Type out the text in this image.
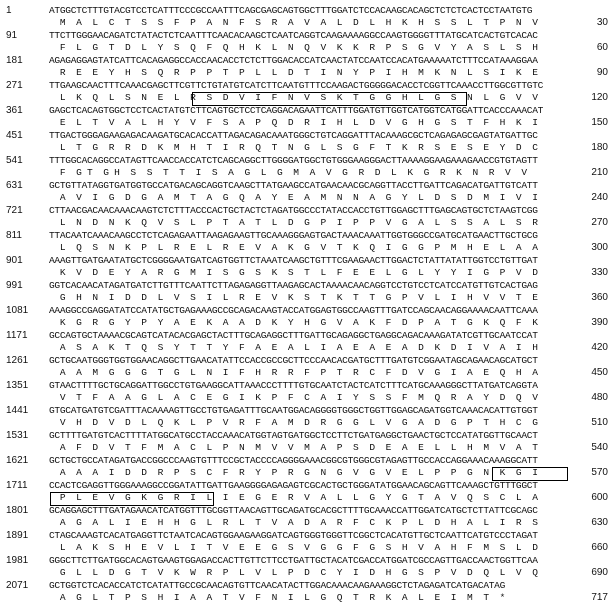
1	ATGGCTCTTTGTACGTCCTCATTTCCCGCCAATTTCAGCGAGCAGTGGCTTTGGATCTCCACAAGCACAGCTCTCTCACTCCTAATGTG
M  A  L  C  T  S  S  F  P  A  N  F  S  R  A  V  A  L  D  L  H  K  H  S  S  L  T  P  N  V	30
91	TTCTTGGGAACAGATCTATACTCTCAATTTCAACACAAGCTCAATCAGGTCAAGAAAAGGCCAAGTGGGGTTTATGCATCACTGTCACAC
F  L  G  T  D  L  Y  S  Q  F  Q  H  K  L  N  Q  V  K  K  R  P  S  G  V  Y  A  S  L  S  H	60
181	AGAGAGGAGTATCATTCACAGAGGCCACCAACACCTCTCTTGGACACCATCAACTATCCAATCCACATGAAAAATCTTTCCATAAAGGAA
R  E  E  Y  H  S  Q  R  P  P  T  P  L  L  D  T  I  N  Y  P  I  H  M  K  N  L  S  I  K  E	90
271	TTGAAGCAACTTTCAAACGAGCTTCGTTCTGTATGTCATCTTCAATGTTTCCAAGACTGGGGGACACCTCGGTTCAAACCTTGGCGTTGTC
L  K  Q  L  S  N  E  L  R  S  D  V  I  F  N  V  S  K  T  G  G  H  L  G  S  N  L  G  V  V	120
361	GAGCTCACAGTGGCTCCTCACTATGTCTTCAGTGCTCCTCAGGACAGAATTCATTTGGATGTTGGTCATGGTCATGGATTCACCCAAACAT
E  L  T  V  A  L  H  Y  V  F  S  A  P  Q  D  R  I  H  L  D  V  G  H  G  S  T  F  H  K  I	150
451	TTGACTGGGAGAAGAGACAAGATGCACACCATTAGACAGACAAATGGGCTGTCAGGATTTACAAAGCGCTCAGAGAGCGAGTATGATTGC
L  T  G  R  R  D  K  M  H  T  I  R  Q  T  N  G  L  S  G  F  T  K  R  S  E  S  E  Y  D  C	180
541	TTTGGCACAGGCCATAGTTCAACCACCATCTCAGCAGGCTTGGGGATGGCTGTGGGAAGGGACTTAAAAGGAAGAAAGAACCGTGTAGTT
F  G T  G H  S  S  T  T  I  S  A  G  L  G  M  A  V  G  R  D  L  K  G  R  K  N  R  V  V	210
631	GCTGTTATAGGTGATGGTGCCATGACAGCAGGTCAAGCTTATGAAGCCATGAACAACGCAGGTTACCTTGATTCAGACATGATTGTCATT
A  V  I  G  D  G  A  M  T  A  G  Q  A  Y  E  A  M  N  N  A  G  Y  L  D  S  D  M  I  V  I	240
721	CTTAACGACAACAAACAAGTCTCTTTACCCACTGCTACTCTAGATGGCCCTATACCACCTGTTGGAGCTTTGAGCAGTGCTCTAAGTCGG
L  N  D  N  K  Q  V  S  L  P  T  A  T  L  D  G  P  I  P  P  V  G  A  L  S  S  A  L  S  R	270
811	TTACAATCAAACAAGCCTCTCAGAGAATTAAGAGAAGTTGCAAAGGGAGTGACTAAACAAATTGGTGGGCCGATGCATGAACTTGCTGCG
L  Q  S  N  K  P  L  R  E  L  R  E  V  A  K  G  V  T  K  Q  I  G  G  P  M  H  E  L  A  A	300
901	AAAGTTGATGAATATGCTCGGGGAATGATCAGTGGTTCTAAATCAAGCTGTTTCGAAGAACTTGGACTCTATTATATTGGTCCTGTTGAT
K  V  D  E  Y  A  R  G  M  I  S  G  S  K  S  T  L  F  E  E  L  G  L  Y  Y  I  G  P  V  D	330
991	GGTCACAACATAGATGATCTTGTTTCAATTCTTAGAGAGGTTAAGAGCACTAAAACAACAGGTCCTGTCCTCATCCATGTTGTCACTGAG
G  H  N  I  D  D  L  V  S  I  L  R  E  V  K  S  T  K  T  T  G  P  V  L  I  H  V  V  T  E	360
1081	AAAGGCCGAGGATATCCATATGCTGAGAAAGCCGCAGACAAGTACCATGGAGTGGCCAAGTTTGATCCAGCAACAGGAAAACAATTCAAA
K  G  R  G  Y  P  Y  A  E  K  A  A  D  K  Y  H  G  V  A  K  F  D  P  A  T  G  K  Q  F  K	390
1171	GCCAGTGCTAAAACGCAGTCATACACGAGCTACTTTGCAGAGGCTTTGATTGCAGAGGCTGAGGCAGACAAAGATATCGTTGCAATCCAT
A  S  A  K  T  Q  S  Y  T  T  Y  F  A  E  A  L  I  A  E  A  E  A  D  K  D  I  V  A  I  H	420
1261	GCTGCAATGGGTGGTGGAACAGGCTTGAACATATTCCACCGCCGCTTCCCAACACGATGCTTTGATGTCGGAATAGCAGAACAGCATGCT
A  A  M  G  G  G  T  G  L  N  I  F  H  R  R  F  P  T  R  C  F  D  V  G  I  A  E  Q  H  A	450
1351	GTAACTTTTGCTGCAGGATTGGCCTGTGAAGGCATTAAACCCTTTTGTGCAATCTACTCATCTTTCATGCAAAGGGCTTATGATCAGGTA
V  T  F  A  A  G  L  A  C  E  G  I  K  P  F  C  A  I  Y  S  S  F  M  Q  R  A  Y  D  Q  V	480
1441	GTGCATGATGTCGATTTACAAAAGTTGCCTGTGAGATTTGCAATGGACAGGGGTGGGCTGGTTGGAGCAGATGGTCAAACACATTGTGGT
V  H  D  V  D  L  Q  K  L  P  V  R  F  A  M  D  R  G  G  L  V  G  A  D  G  P  T  H  C  G	510
1531	GCTTTTGATGTCACTTTTATGGCATGCCTACCAAACATGGTAGTGATGGCTCCTTCTGATGAGGCTGAACTGCTCCATATGGTTGCAACT
A  F  D  V  T  F  M  A  C  L  P  N  M  V  V  M  A  P  S  D  E  A  E  L  L  H  M  V  A  T	540
1621	GCTGCTGCCATAGATGACCGGCCCAAGTGTTTCCGCTACCCCAGGGGAAACGGCGTGGGCGTAGAGTTGCCACCAGGAAACAAAGGCATT
A  A  A  I  D  D  R  P  S  C  F  R  Y  P  R  G  N  G  V  G  V  E  L  P  P  G  N  K  G  I	570
1711	CCACTCGAGGTTGGGAAAGGCCGGATATTGATTGAAGGGGAGAGAGTCGCACTGCTGGGATATGGAACAGCAGTTCAAAGCTGTTTGGCT
P  L  E  V  G  K  G  R  I  L  I  E  G  E  R  V  A  L  L  G  Y  G  T  A  V  Q  S  C  L  A	600
1801	GCAGGAGCTTTGATAGAACATCATGGTTTGCGGTTAACAGTTGCAGATGCACGCTTTTGCAAACCATTGGATCATGCTCTTATTCGCAGC
A  G  A  L  I  E  H  H  G  L  R  L  T  V  A  D  A  R  F  C  K  P  L  D  H  A  L  I  R  S	630
1891	CTAGCAAAGTCACATGAGGTTCTAATCACAGTGGAAGAAGGATCAGTGGGTGGGTTCGGCTCACATGTTGCTCAATTCATGTCCCTAGAT
L  A  K  S  H  E  V  L  I  T  V  E  E  G  S  V  G  G  F  G  S  H  V  A  H  F  M  S  L  D	660
1981	GGGCTTCTTGATGGCACAGTGAAGTGGAGACCACTTGTTCTTCCTGATTGCTACATCGACCATGGATCGCCAGTTGACCAACTGGTTCAA
G  L  L  D  G  T  V  K  W  R  P  L  V  L  P  D  C  Y  I  D  H  G  S  P  V  D  Q  L  V  Q	690
2071	GCTGGTCTCACACCATCTCATATTGCCGCAACAGTGTTCAACATACTTGGACAAACAAGAAAGGCTCTAGAGATCATGACATAG
A  G  L  T  P  S  H  I  A  A  T  V  F  N  I  L  G  Q  T  R  K  A  L  E  I  M  T  *	717
